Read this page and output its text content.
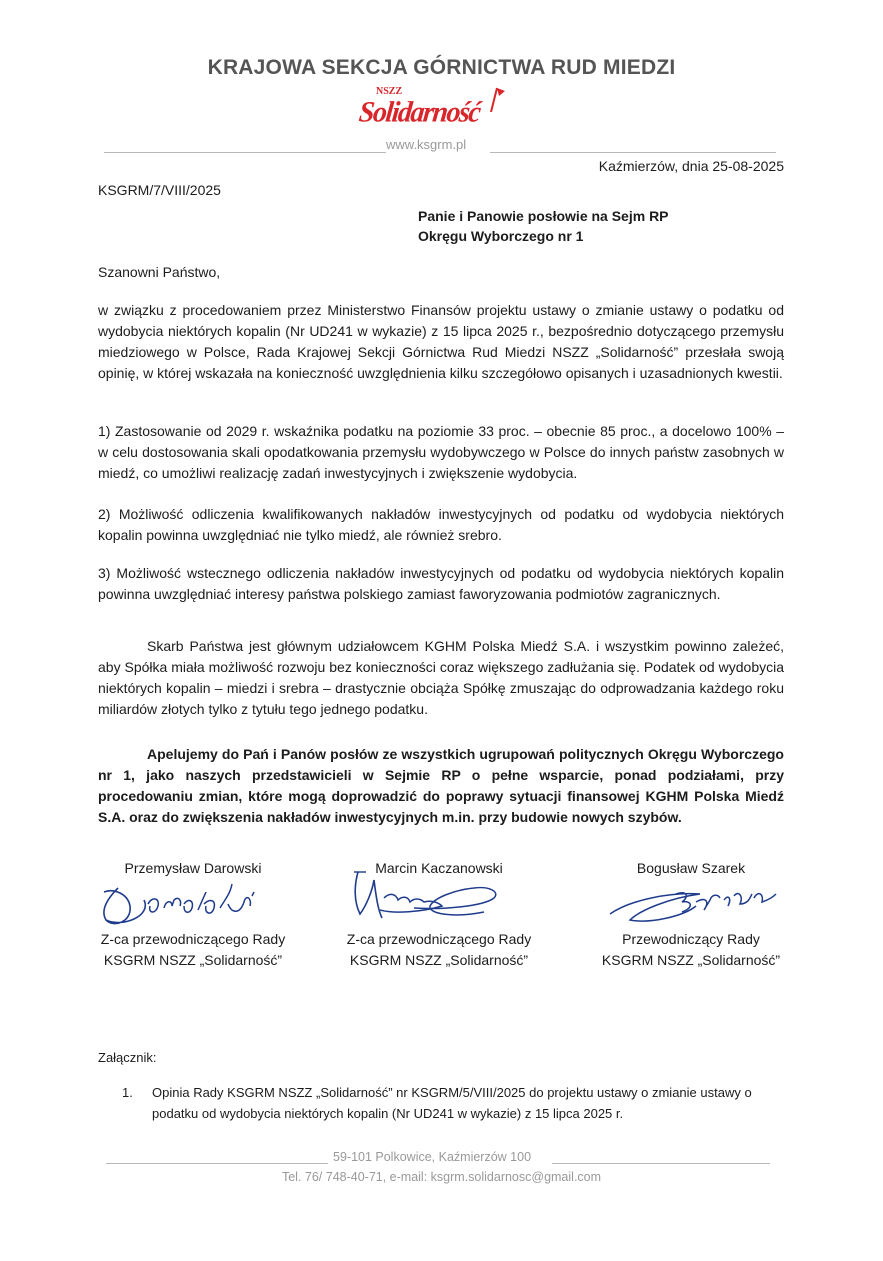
KRAJOWA SEKCJA GÓRNICTWA RUD MIEDZI
NSZZ
Solidarność
www.ksgrm.pl
Kaźmierzów, dnia 25-08-2025
KSGRM/7/VIII/2025
Panie i Panowie posłowie na Sejm RP
Okręgu Wyborczego nr 1
Szanowni Państwo,
w związku z procedowaniem przez Ministerstwo Finansów projektu ustawy o zmianie ustawy o podatku od wydobycia niektórych kopalin (Nr UD241 w wykazie) z 15 lipca 2025 r., bezpośrednio dotyczącego przemysłu miedziowego w Polsce, Rada Krajowej Sekcji Górnictwa Rud Miedzi NSZZ „Solidarność” przesłała swoją opinię, w której wskazała na konieczność uwzględnienia kilku szczegółowo opisanych i uzasadnionych kwestii.
1) Zastosowanie od 2029 r. wskaźnika podatku na poziomie 33 proc. – obecnie 85 proc., a docelowo 100% – w celu dostosowania skali opodatkowania przemysłu wydobywczego w Polsce do innych państw zasobnych w miedź, co umożliwi realizację zadań inwestycyjnych i zwiększenie wydobycia.
2) Możliwość odliczenia kwalifikowanych nakładów inwestycyjnych od podatku od wydobycia niektórych kopalin powinna uwzględniać nie tylko miedź, ale również srebro.
3) Możliwość wstecznego odliczenia nakładów inwestycyjnych od podatku od wydobycia niektórych kopalin powinna uwzględniać interesy państwa polskiego zamiast faworyzowania podmiotów zagranicznych.
Skarb Państwa jest głównym udziałowcem KGHM Polska Miedź S.A. i wszystkim powinno zależeć, aby Spółka miała możliwość rozwoju bez konieczności coraz większego zadłużania się. Podatek od wydobycia niektórych kopalin – miedzi i srebra – drastycznie obciąża Spółkę zmuszając do odprowadzania każdego roku miliardów złotych tylko z tytułu tego jednego podatku.
Apelujemy do Pań i Panów posłów ze wszystkich ugrupowań politycznych Okręgu Wyborczego nr 1, jako naszych przedstawicieli w Sejmie RP o pełne wsparcie, ponad podziałami, przy procedowaniu zmian, które mogą doprowadzić do poprawy sytuacji finansowej KGHM Polska Miedź S.A. oraz do zwiększenia nakładów inwestycyjnych m.in. przy budowie nowych szybów.
Przemysław Darowski
Z-ca przewodniczącego Rady
KSGRM NSZZ „Solidarność”
Marcin Kaczanowski
Z-ca przewodniczącego Rady
KSGRM NSZZ „Solidarność”
Bogusław Szarek
Przewodniczący Rady
KSGRM NSZZ „Solidarność”
Załącznik:
1. Opinia Rady KSGRM NSZZ „Solidarność” nr KSGRM/5/VIII/2025 do projektu ustawy o zmianie ustawy o podatku od wydobycia niektórych kopalin (Nr UD241 w wykazie) z 15 lipca 2025 r.
59-101 Polkowice, Kaźmierzów 100
Tel. 76/ 748-40-71, e-mail: ksgrm.solidarnosc@gmail.com
